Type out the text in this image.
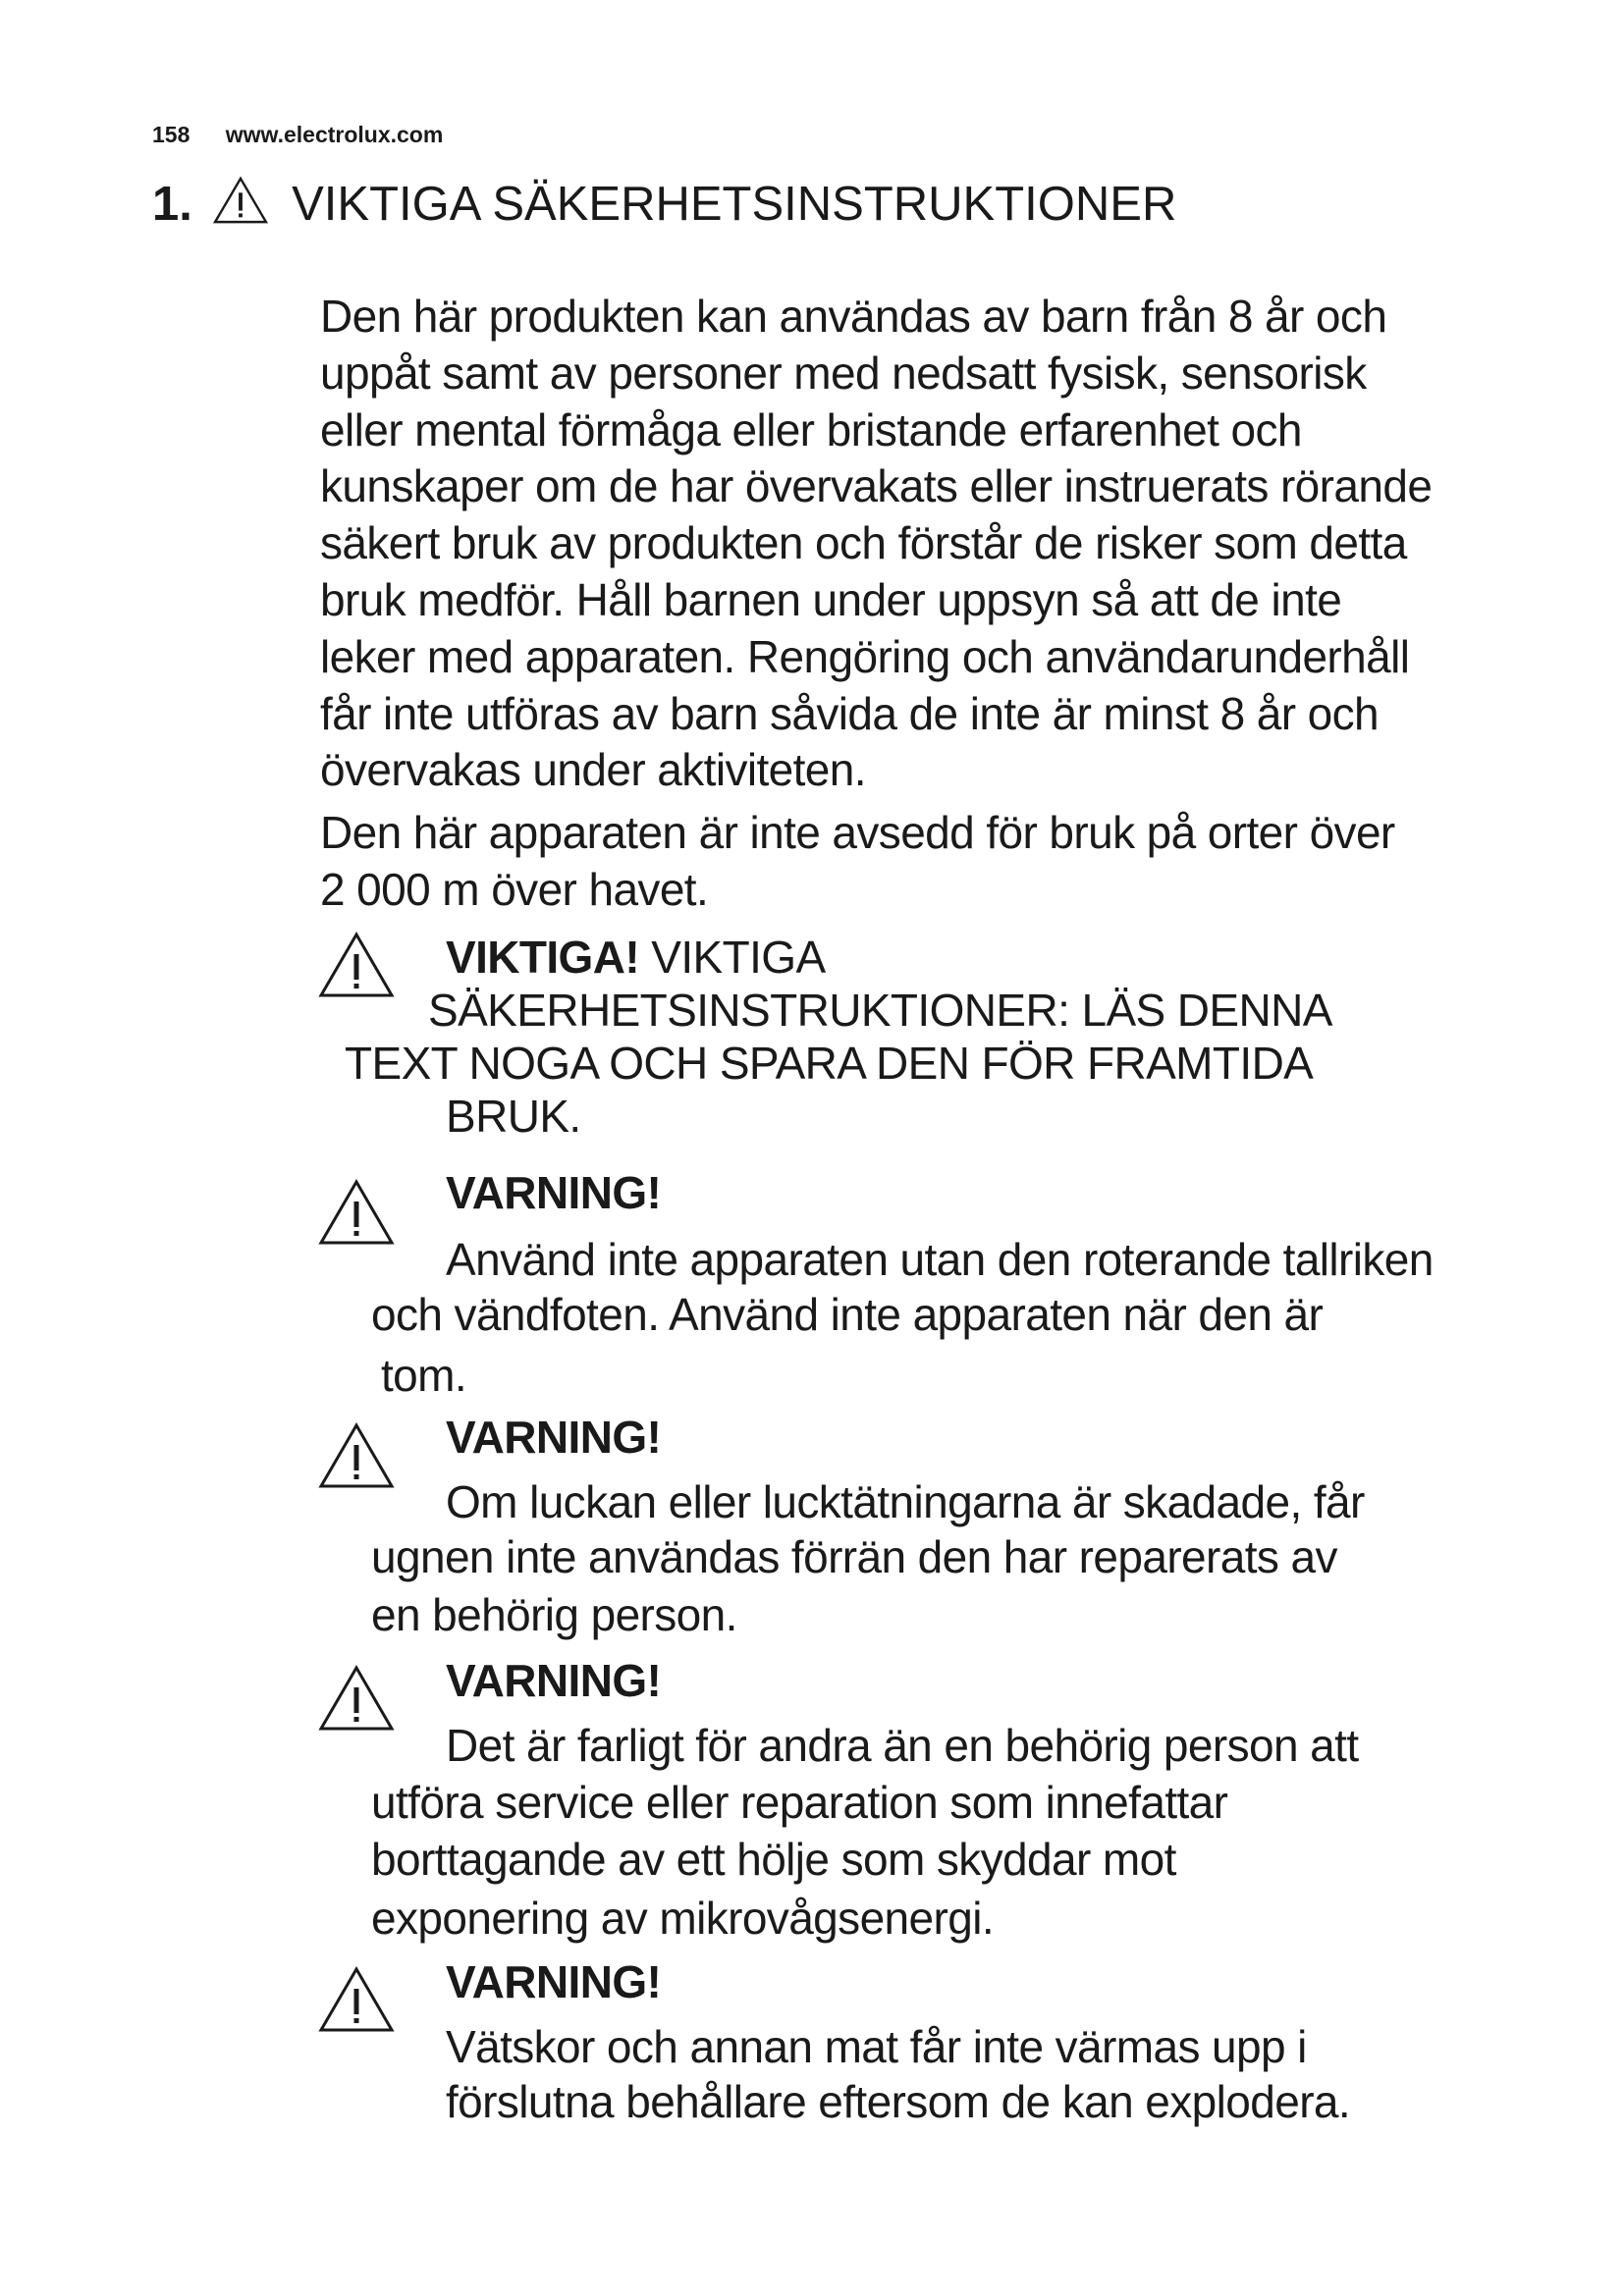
158 www.electrolux.com
1. VIKTIGA SÄKERHETSINSTRUKTIONER

Den här produkten kan användas av barn från 8 år och
uppåt samt av personer med nedsatt fysisk, sensorisk
eller mental förmåga eller bristande erfarenhet och
kunskaper om de har övervakats eller instruerats rörande
säkert bruk av produkten och förstår de risker som detta
bruk medför. Håll barnen under uppsyn så att de inte
leker med apparaten. Rengöring och användarunderhåll
får inte utföras av barn såvida de inte är minst 8 år och
övervakas under aktiviteten.

Den här apparaten är inte avsedd för bruk på orter över
2 000 m över havet.

VIKTIGA! VIKTIGA
SÄKERHETSINSTRUKTIONER: LÄS DENNA
TEXT NOGA OCH SPARA DEN FÖR FRAMTIDA
BRUK.
VARNING!
Använd inte apparaten utan den roterande tallriken
och vändfoten. Använd inte apparaten när den är
tom.
VARNING!
Om luckan eller lucktätningarna är skadade, får
ugnen inte användas förrän den har reparerats av
en behörig person.
VARNING!
Det är farligt för andra än en behörig person att
utföra service eller reparation som innefattar
borttagande av ett hölje som skyddar mot
exponering av mikrovågsenergi.
VARNING!
Vätskor och annan mat får inte värmas upp i
förslutna behållare eftersom de kan explodera.
